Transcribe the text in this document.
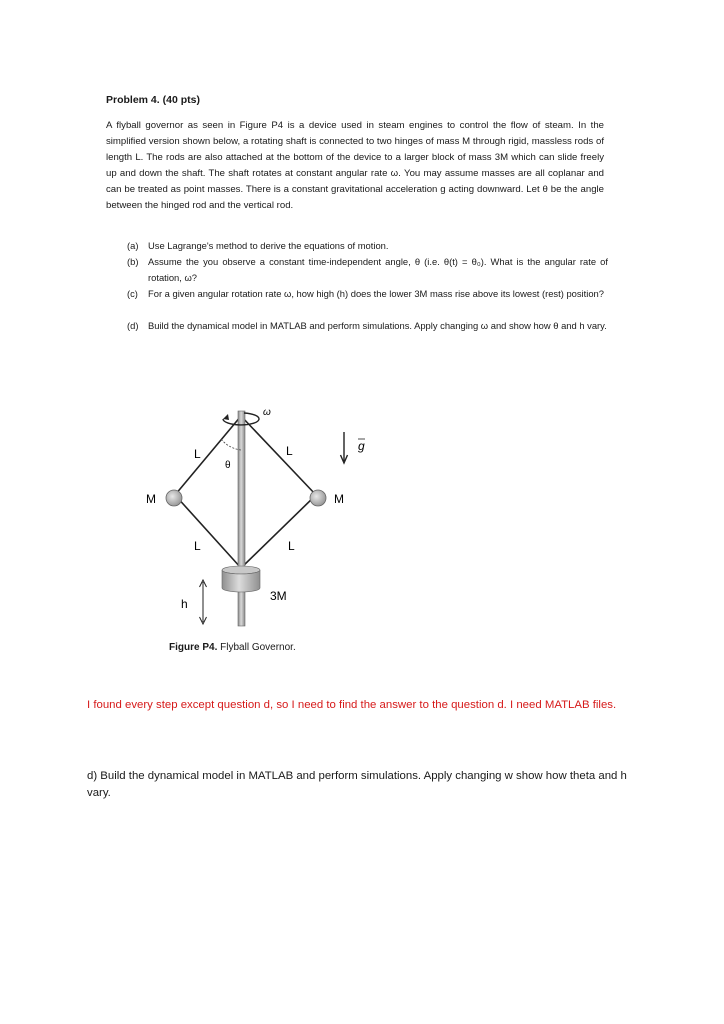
Problem 4. (40 pts)
A flyball governor as seen in Figure P4 is a device used in steam engines to control the flow of steam. In the simplified version shown below, a rotating shaft is connected to two hinges of mass M through rigid, massless rods of length L. The rods are also attached at the bottom of the device to a larger block of mass 3M which can slide freely up and down the shaft. The shaft rotates at constant angular rate ω. You may assume masses are all coplanar and can be treated as point masses. There is a constant gravitational acceleration g acting downward. Let θ be the angle between the hinged rod and the vertical rod.
(a) Use Lagrange's method to derive the equations of motion.
(b) Assume the you observe a constant time-independent angle, θ (i.e. θ(t) = θ₀). What is the angular rate of rotation, ω?
(c) For a given angular rotation rate ω, how high (h) does the lower 3M mass rise above its lowest (rest) position?
(d) Build the dynamical model in MATLAB and perform simulations. Apply changing ω and show how θ and h vary.
ω
θ
L	L
L	L
M	M
3M
h
g
Figure P4. Flyball Governor.
I found every step except question d, so I need to find the answer to the question d. I need MATLAB files.
d) Build the dynamical model in MATLAB and perform simulations. Apply changing w show how theta and h vary.
